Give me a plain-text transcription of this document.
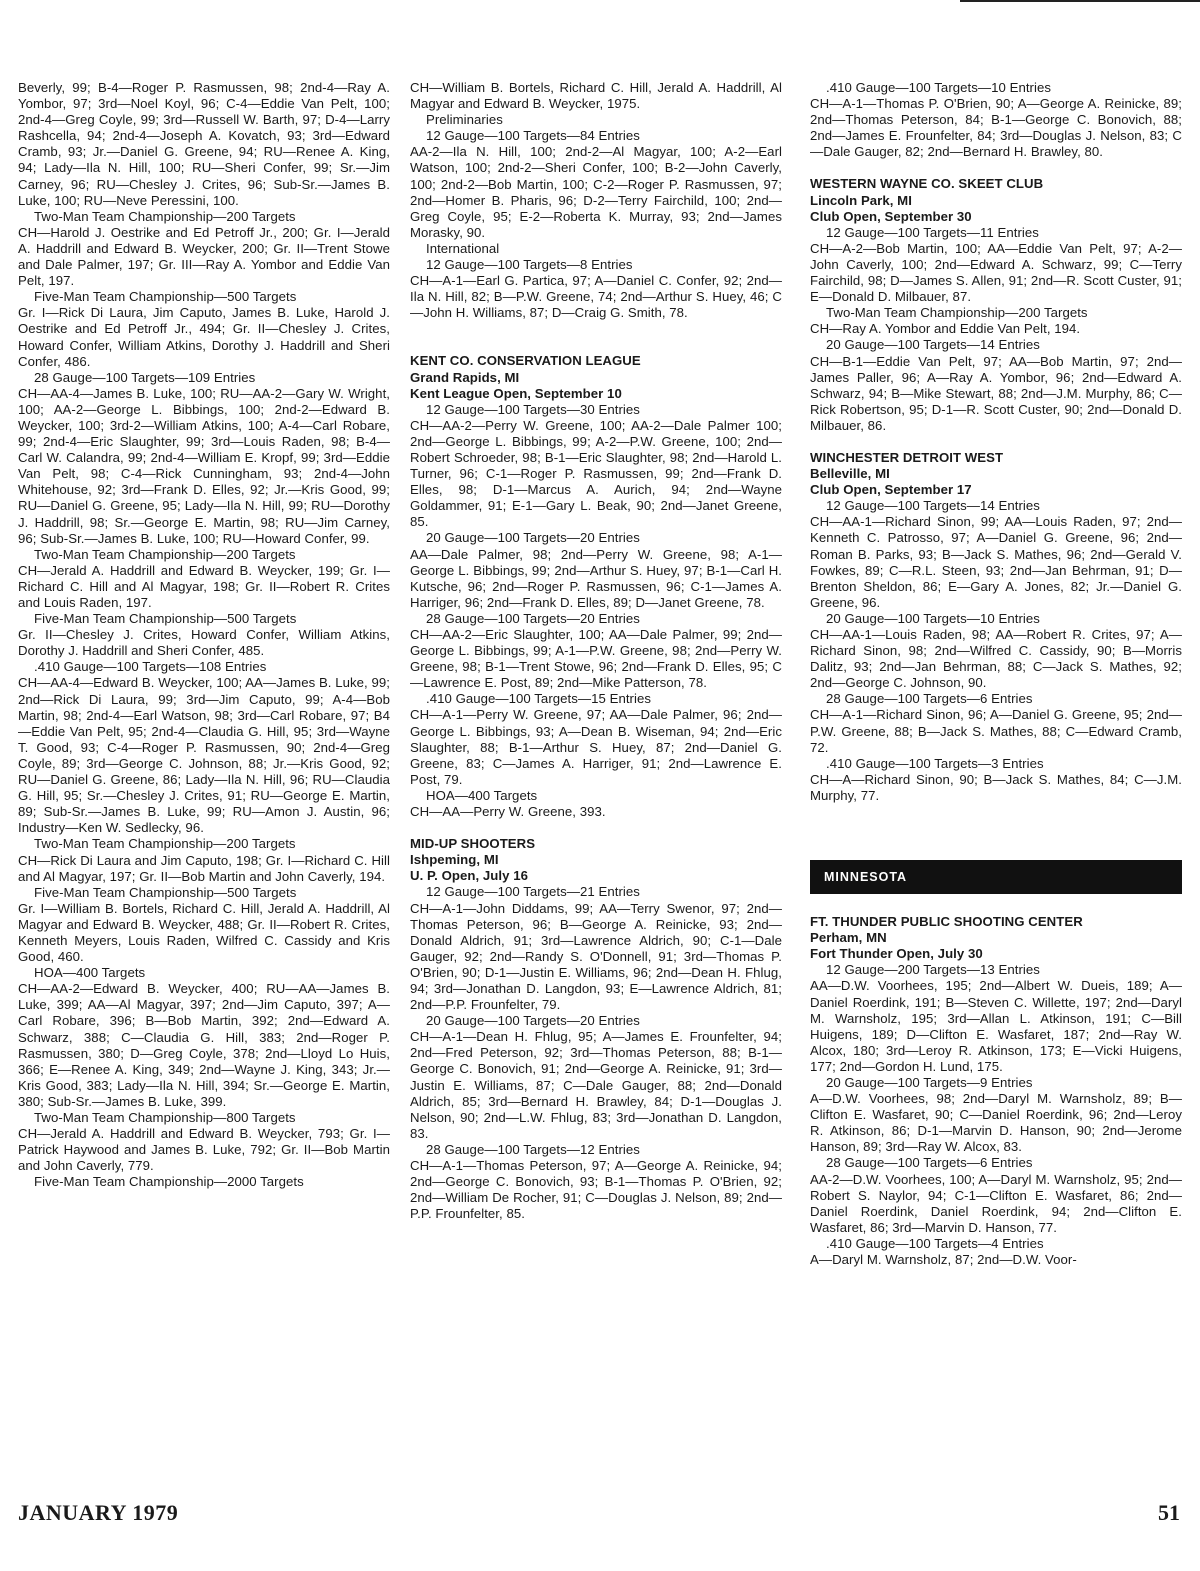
Beverly, 99; B-4—Roger P. Rasmussen, 98; 2nd-4—Ray A. Yombor, 97; 3rd—Noel Koyl, 96; C-4—Eddie Van Pelt, 100; 2nd-4—Greg Coyle, 99; 3rd—Russell W. Barth, 97; D-4—Larry Rashcella, 94; 2nd-4—Joseph A. Kovatch, 93; 3rd—Edward Cramb, 93; Jr.—Daniel G. Greene, 94; RU—Renee A. King, 94; Lady—Ila N. Hill, 100; RU—Sheri Confer, 99; Sr.—Jim Carney, 96; RU—Chesley J. Crites, 96; Sub-Sr.—James B. Luke, 100; RU—Neve Peressini, 100.
Two-Man Team Championship—200 Targets
CH—Harold J. Oestrike and Ed Petroff Jr., 200; Gr. I—Jerald A. Haddrill and Edward B. Weycker, 200; Gr. II—Trent Stowe and Dale Palmer, 197; Gr. III—Ray A. Yombor and Eddie Van Pelt, 197.
Five-Man Team Championship—500 Targets
Gr. I—Rick Di Laura, Jim Caputo, James B. Luke, Harold J. Oestrike and Ed Petroff Jr., 494; Gr. II—Chesley J. Crites, Howard Confer, William Atkins, Dorothy J. Haddrill and Sheri Confer, 486.
28 Gauge—100 Targets—109 Entries
CH—AA-4—James B. Luke, 100; RU—AA-2—Gary W. Wright, 100; AA-2—George L. Bibbings, 100; 2nd-2—Edward B. Weycker, 100; 3rd-2—William Atkins, 100; A-4—Carl Robare, 99; 2nd-4—Eric Slaughter, 99; 3rd—Louis Raden, 98; B-4—Carl W. Calandra, 99; 2nd-4—William E. Kropf, 99; 3rd—Eddie Van Pelt, 98; C-4—Rick Cunningham, 93; 2nd-4—John Whitehouse, 92; 3rd—Frank D. Elles, 92; Jr.—Kris Good, 99; RU—Daniel G. Greene, 95; Lady—Ila N. Hill, 99; RU—Dorothy J. Haddrill, 98; Sr.—George E. Martin, 98; RU—Jim Carney, 96; Sub-Sr.—James B. Luke, 100; RU—Howard Confer, 99.
Two-Man Team Championship—200 Targets
CH—Jerald A. Haddrill and Edward B. Weycker, 199; Gr. I—Richard C. Hill and Al Magyar, 198; Gr. II—Robert R. Crites and Louis Raden, 197.
Five-Man Team Championship—500 Targets
Gr. II—Chesley J. Crites, Howard Confer, William Atkins, Dorothy J. Haddrill and Sheri Confer, 485.
.410 Gauge—100 Targets—108 Entries
CH—AA-4—Edward B. Weycker, 100; AA—James B. Luke, 99; 2nd—Rick Di Laura, 99; 3rd—Jim Caputo, 99; A-4—Bob Martin, 98; 2nd-4—Earl Watson, 98; 3rd—Carl Robare, 97; B4—Eddie Van Pelt, 95; 2nd-4—Claudia G. Hill, 95; 3rd—Wayne T. Good, 93; C-4—Roger P. Rasmussen, 90; 2nd-4—Greg Coyle, 89; 3rd—George C. Johnson, 88; Jr.—Kris Good, 92; RU—Daniel G. Greene, 86; Lady—Ila N. Hill, 96; RU—Claudia G. Hill, 95; Sr.—Chesley J. Crites, 91; RU—George E. Martin, 89; Sub-Sr.—James B. Luke, 99; RU—Amon J. Austin, 96; Industry—Ken W. Sedlecky, 96.
Two-Man Team Championship—200 Targets
CH—Rick Di Laura and Jim Caputo, 198; Gr. I—Richard C. Hill and Al Magyar, 197; Gr. II—Bob Martin and John Caverly, 194.
Five-Man Team Championship—500 Targets
Gr. I—William B. Bortels, Richard C. Hill, Jerald A. Haddrill, Al Magyar and Edward B. Weycker, 488; Gr. II—Robert R. Crites, Kenneth Meyers, Louis Raden, Wilfred C. Cassidy and Kris Good, 460.
HOA—400 Targets
CH—AA-2—Edward B. Weycker, 400; RU—AA—James B. Luke, 399; AA—Al Magyar, 397; 2nd—Jim Caputo, 397; A—Carl Robare, 396; B—Bob Martin, 392; 2nd—Edward A. Schwarz, 388; C—Claudia G. Hill, 383; 2nd—Roger P. Rasmussen, 380; D—Greg Coyle, 378; 2nd—Lloyd Lo Huis, 366; E—Renee A. King, 349; 2nd—Wayne J. King, 343; Jr.—Kris Good, 383; Lady—Ila N. Hill, 394; Sr.—George E. Martin, 380; Sub-Sr.—James B. Luke, 399.
Two-Man Team Championship—800 Targets
CH—Jerald A. Haddrill and Edward B. Weycker, 793; Gr. I—Patrick Haywood and James B. Luke, 792; Gr. II—Bob Martin and John Caverly, 779.
Five-Man Team Championship—2000 Targets
CH—William B. Bortels, Richard C. Hill, Jerald A. Haddrill, Al Magyar and Edward B. Weycker, 1975.
Preliminaries
12 Gauge—100 Targets—84 Entries
AA-2—Ila N. Hill, 100; 2nd-2—Al Magyar, 100; A-2—Earl Watson, 100; 2nd-2—Sheri Confer, 100; B-2—John Caverly, 100; 2nd-2—Bob Martin, 100; C-2—Roger P. Rasmussen, 97; 2nd—Homer B. Pharis, 96; D-2—Terry Fairchild, 100; 2nd—Greg Coyle, 95; E-2—Roberta K. Murray, 93; 2nd—James Morasky, 90.
International
12 Gauge—100 Targets—8 Entries
CH—A-1—Earl G. Partica, 97; A—Daniel C. Confer, 92; 2nd—Ila N. Hill, 82; B—P.W. Greene, 74; 2nd—Arthur S. Huey, 46; C—John H. Williams, 87; D—Craig G. Smith, 78.
KENT CO. CONSERVATION LEAGUE
Grand Rapids, MI
Kent League Open, September 10
12 Gauge—100 Targets—30 Entries
CH—AA-2—Perry W. Greene, 100; AA-2—Dale Palmer 100; 2nd—George L. Bibbings, 99; A-2—P.W. Greene, 100; 2nd—Robert Schroeder, 98; B-1—Eric Slaughter, 98; 2nd—Harold L. Turner, 96; C-1—Roger P. Rasmussen, 99; 2nd—Frank D. Elles, 98; D-1—Marcus A. Aurich, 94; 2nd—Wayne Goldammer, 91; E-1—Gary L. Beak, 90; 2nd—Janet Greene, 85.
20 Gauge—100 Targets—20 Entries
AA—Dale Palmer, 98; 2nd—Perry W. Greene, 98; A-1—George L. Bibbings, 99; 2nd—Arthur S. Huey, 97; B-1—Carl H. Kutsche, 96; 2nd—Roger P. Rasmussen, 96; C-1—James A. Harriger, 96; 2nd—Frank D. Elles, 89; D—Janet Greene, 78.
28 Gauge—100 Targets—20 Entries
CH—AA-2—Eric Slaughter, 100; AA—Dale Palmer, 99; 2nd—George L. Bibbings, 99; A-1—P.W. Greene, 98; 2nd—Perry W. Greene, 98; B-1—Trent Stowe, 96; 2nd—Frank D. Elles, 95; C—Lawrence E. Post, 89; 2nd—Mike Patterson, 78.
.410 Gauge—100 Targets—15 Entries
CH—A-1—Perry W. Greene, 97; AA—Dale Palmer, 96; 2nd—George L. Bibbings, 93; A—Dean B. Wiseman, 94; 2nd—Eric Slaughter, 88; B-1—Arthur S. Huey, 87; 2nd—Daniel G. Greene, 83; C—James A. Harriger, 91; 2nd—Lawrence E. Post, 79.
HOA—400 Targets
CH—AA—Perry W. Greene, 393.
MID-UP SHOOTERS
Ishpeming, MI
U. P. Open, July 16
12 Gauge—100 Targets—21 Entries
CH—A-1—John Diddams, 99; AA—Terry Swenor, 97; 2nd—Thomas Peterson, 96; B—George A. Reinicke, 93; 2nd—Donald Aldrich, 91; 3rd—Lawrence Aldrich, 90; C-1—Dale Gauger, 92; 2nd—Randy S. O'Donnell, 91; 3rd—Thomas P. O'Brien, 90; D-1—Justin E. Williams, 96; 2nd—Dean H. Fhlug, 94; 3rd—Jonathan D. Langdon, 93; E—Lawrence Aldrich, 81; 2nd—P.P. Frounfelter, 79.
20 Gauge—100 Targets—20 Entries
CH—A-1—Dean H. Fhlug, 95; A—James E. Frounfelter, 94; 2nd—Fred Peterson, 92; 3rd—Thomas Peterson, 88; B-1—George C. Bonovich, 91; 2nd—George A. Reinicke, 91; 3rd—Justin E. Williams, 87; C—Dale Gauger, 88; 2nd—Donald Aldrich, 85; 3rd—Bernard H. Brawley, 84; D-1—Douglas J. Nelson, 90; 2nd—L.W. Fhlug, 83; 3rd—Jonathan D. Langdon, 83.
28 Gauge—100 Targets—12 Entries
CH—A-1—Thomas Peterson, 97; A—George A. Reinicke, 94; 2nd—George C. Bonovich, 93; B-1—Thomas P. O'Brien, 92; 2nd—William De Rocher, 91; C—Douglas J. Nelson, 89; 2nd—P.P. Frounfelter, 85.
.410 Gauge—100 Targets—10 Entries
CH—A-1—Thomas P. O'Brien, 90; A—George A. Reinicke, 89; 2nd—Thomas Peterson, 84; B-1—George C. Bonovich, 88; 2nd—James E. Frounfelter, 84; 3rd—Douglas J. Nelson, 83; C—Dale Gauger, 82; 2nd—Bernard H. Brawley, 80.
WESTERN WAYNE CO. SKEET CLUB
Lincoln Park, MI
Club Open, September 30
12 Gauge—100 Targets—11 Entries
CH—A-2—Bob Martin, 100; AA—Eddie Van Pelt, 97; A-2—John Caverly, 100; 2nd—Edward A. Schwarz, 99; C—Terry Fairchild, 98; D—James S. Allen, 91; 2nd—R. Scott Custer, 91; E—Donald D. Milbauer, 87.
Two-Man Team Championship—200 Targets
CH—Ray A. Yombor and Eddie Van Pelt, 194.
20 Gauge—100 Targets—14 Entries
CH—B-1—Eddie Van Pelt, 97; AA—Bob Martin, 97; 2nd—James Paller, 96; A—Ray A. Yombor, 96; 2nd—Edward A. Schwarz, 94; B—Mike Stewart, 88; 2nd—J.M. Murphy, 86; C—Rick Robertson, 95; D-1—R. Scott Custer, 90; 2nd—Donald D. Milbauer, 86.
WINCHESTER DETROIT WEST
Belleville, MI
Club Open, September 17
12 Gauge—100 Targets—14 Entries
CH—AA-1—Richard Sinon, 99; AA—Louis Raden, 97; 2nd—Kenneth C. Patrosso, 97; A—Daniel G. Greene, 96; 2nd—Roman B. Parks, 93; B—Jack S. Mathes, 96; 2nd—Gerald V. Fowkes, 89; C—R.L. Steen, 93; 2nd—Jan Behrman, 91; D—Brenton Sheldon, 86; E—Gary A. Jones, 82; Jr.—Daniel G. Greene, 96.
20 Gauge—100 Targets—10 Entries
CH—AA-1—Louis Raden, 98; AA—Robert R. Crites, 97; A—Richard Sinon, 98; 2nd—Wilfred C. Cassidy, 90; B—Morris Dalitz, 93; 2nd—Jan Behrman, 88; C—Jack S. Mathes, 92; 2nd—George C. Johnson, 90.
28 Gauge—100 Targets—6 Entries
CH—A-1—Richard Sinon, 96; A—Daniel G. Greene, 95; 2nd—P.W. Greene, 88; B—Jack S. Mathes, 88; C—Edward Cramb, 72.
.410 Gauge—100 Targets—3 Entries
CH—A—Richard Sinon, 90; B—Jack S. Mathes, 84; C—J.M. Murphy, 77.
MINNESOTA
FT. THUNDER PUBLIC SHOOTING CENTER
Perham, MN
Fort Thunder Open, July 30
12 Gauge—200 Targets—13 Entries
AA—D.W. Voorhees, 195; 2nd—Albert W. Dueis, 189; A—Daniel Roerdink, 191; B—Steven C. Willette, 197; 2nd—Daryl M. Warnsholz, 195; 3rd—Allan L. Atkinson, 191; C—Bill Huigens, 189; D—Clifton E. Wasfaret, 187; 2nd—Ray W. Alcox, 180; 3rd—Leroy R. Atkinson, 173; E—Vicki Huigens, 177; 2nd—Gordon H. Lund, 175.
20 Gauge—100 Targets—9 Entries
A—D.W. Voorhees, 98; 2nd—Daryl M. Warnsholz, 89; B—Clifton E. Wasfaret, 90; C—Daniel Roerdink, 96; 2nd—Leroy R. Atkinson, 86; D-1—Marvin D. Hanson, 90; 2nd—Jerome Hanson, 89; 3rd—Ray W. Alcox, 83.
28 Gauge—100 Targets—6 Entries
AA-2—D.W. Voorhees, 100; A—Daryl M. Warnsholz, 95; 2nd—Robert S. Naylor, 94; C-1—Clifton E. Wasfaret, 86; 2nd—Daniel Roerdink, Daniel Roerdink, 94; 2nd—Clifton E. Wasfaret, 86; 3rd—Marvin D. Hanson, 77.
.410 Gauge—100 Targets—4 Entries
A—Daryl M. Warnsholz, 87; 2nd—D.W. Voor-
JANUARY 1979	51
